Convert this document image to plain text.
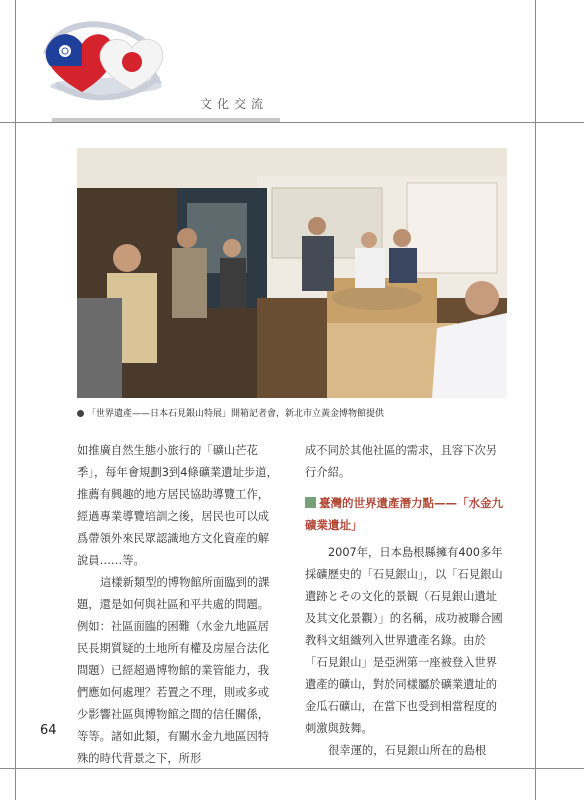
文化交流
「世界遺產——日本石見銀山特展」開箱記者會，新北市立黃金博物館提供

如推廣自然生態小旅行的「礦山芒花季」，每年會規劃3到4條礦業遺址步道，推薦有興趣的地方居民協助導覽工作，經過專業導覽培訓之後，居民也可以成爲帶領外來民眾認識地方文化資産的解說員……等。

這樣新類型的博物館所面臨到的課題，還是如何與社區和平共處的問題。例如：社區面臨的困難（水金九地區居民長期質疑的土地所有權及房屋合法化問題）已經超過博物館的業管能力，我們應如何處理？若置之不理，則或多或少影響社區與博物館之間的信任關係，等等。諸如此類，有關水金九地區因特殊的時代背景之下，所形

成不同於其他社區的需求，且容下次另行介紹。

臺灣的世界遺產潛力點——「水金九礦業遺址」

2007年，日本島根縣擁有400多年採礦歷史的「石見銀山」，以「石見銀山遺跡とその文化的景観（石見銀山遺址及其文化景觀）」的名稱，成功被聯合國教科文組織列入世界遺產名錄。由於「石見銀山」是亞洲第一座被登入世界遺產的礦山，對於同樣屬於礦業遺址的金瓜石礦山，在當下也受到相當程度的刺激與鼓舞。

很幸運的，石見銀山所在的島根

64
